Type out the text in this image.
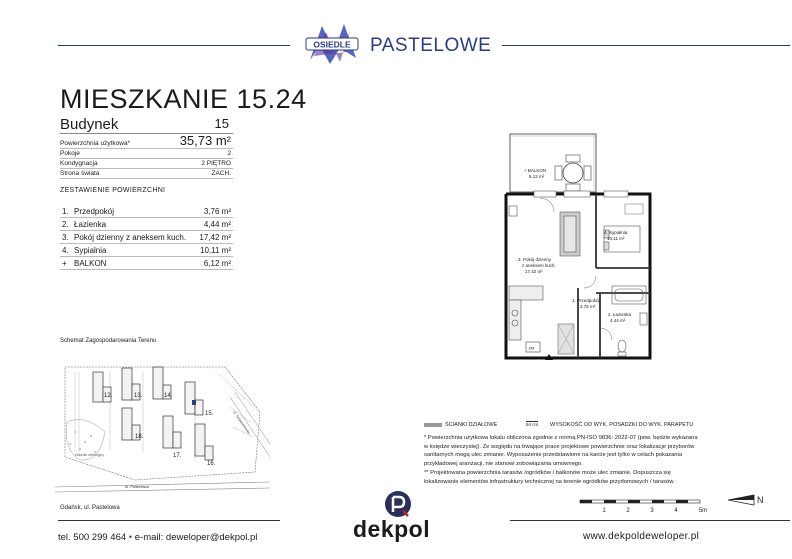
OSIEDLE PASTELOWE
MIESZKANIE 15.24
Budynek	15
Powierzchnia użytkowa*	35,73 m²
Pokoje	2
Kondygnacja	2 PIĘTRO
Strona świata	ZACH.
ZESTAWIENIE POWIERZCHNI
1. Przedpokój	3,76 m²
2. Łazienka	4,44 m²
3. Pokój dzienny z aneksem kuch. 17,42 m²
4. Sypialnia	10,11 m²
+ BALKON	6,12 m²
Schemat Zagospodarowania Terenu
12.	13.	14.
15.
16.
17.
18.
zbiornik retencyjny
ul. Pastelowa
ul. Sobieszewska
Gdańsk, ul. Pastelowa
+ BALKON
6.12 m²
ZM
4. Sypialnia
10.11 m²
3. Pokój dzienny
z aneksem kuch.
17.42 m²
1. Przedpokój
3.76 m²
2. Łazienka
4.44 m²
ŚCIANKI DZIAŁOWE	94 cm WYSOKOŚĆ OD WYK. POSADZKI DO WYK. PARAPETU
* Powierzchnia użytkowa lokalu obliczona zgodnie z normą PN-ISO 9836: 2022-07 (pow. będzie wykazana
w księdze wieczystej). Ze względu na trwające prace projektowe powierzchnie oraz lokalizacje przyborów
sanitarnych mogą ulec zmianie. Wyposażenie przedstawione na karcie jest tylko w celach pokazania
przykładowej aranżacji, nie stanowi zobowiązania umownego.
** Projektowana powierzchnia tarasów /ogródków / balkonów może ulec zmianie. Dopuszcza się
lokalizowanie elementów infrastruktury technicznej na terenie ogródków przydomowych / tarasów.
1	2	3	4	5m
N
tel. 500 299 464 • e-mail: deweloper@dekpol.pl	dekpol	www.dekpoldeweloper.pl
